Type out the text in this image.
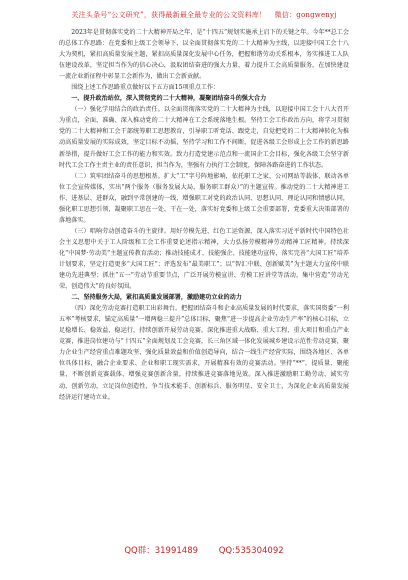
关注头条号“公文研究”，获得最新最全最专业的公文资料库！ 微信：gongwenyj

2023年是贯彻落实党的二十大精神开局之年，是“十四五”规划实施承上启下的关键之年。今年**总工会的总体工作思路：在党委和上级工会领导下，以全面贯彻落实党的二十大精神为主线，以迎接中国工会十八大为契机，紧扣高质量发展主题，紧扣高质量深化发展中心任务，把握和谐劳动关系根本，务实推进工人队伍建设改革，坚定担当作为的信心决心，汲取团结奋进的强大力量，着力提升工会高质量服务，在加快建设一流企业新征程中彰显工会新作为，做出工会新贡献。

围绕上述工作思路重点做好以下五方面15项重点工作：

一、提升政治站位，深入贯彻党的二十大精神，凝聚团结奋斗的强大合力

（一）强化学用结合的政治责任。以全面贯彻落实党的二十大精神为主线，以迎接中国工会十八大召开为重点，全面、准确、深入推动党的二十大精神在工会系统落地生根。坚持工会工作政治方向，将学习贯彻党的二十大精神和工会干部统筹职工思想教育，引导职工听党话、跟党走，自觉把党的二十大精神转化为推动高质量发展的实际成效，坚定目标不动摇，坚持学习和工作不间断，促进各级工会形成上会工作的新思路新举措，提升做好工会工作的能力和实效。致力打造党建示范点和一流国企工会目标，强化各级工会坚守新时代工会工作主责主业的责任意识，担当作为，坚强有力执行工会制度，保障各路奋进的工作状态。

（二）筑牢团结奋斗的思想根基。扩大“工”字号阵地影响，依托职工之家、公司网站等载体，联动各单位工会宣传媒体，实出“两个服务（服务发展大局、服务职工群众）”的主题宣传。推动党的二十大精神进工作、进基层、进群众，融到平常创建的一线，增强职工对党的政治认同、思想认同、理论认同和情感认同，强化职工思想引领，凝聚职工思在一处、干在一处，落实好党委和上级工会重要部署，党委重大决策部署的落地落实。

（三）唱响劳动创造奋斗的主旋律。用好劳模先进、红色工运资源，深入落实习近平新时代中国特色社会主义思想中关于工人阶级和工会工作重要论述指示精神，大力弘扬劳模精神劳动精神工匠精神，持续深化“中国梦·劳动美”主题宣传教育活动；推动技能成才、技能强企、技能建功宣传，落实完善“大国工匠”培养计划要求，坚定打造更多“大国工匠”；评选发布“最美职工”；以“智汇中联、创新赋美”为主题大力宣传中联建功先进典型；抓住“五一”劳动节重要节点，广泛开展劳模宣讲、劳模工匠讲堂等活动，集中营造“劳动光荣、创造伟大”的良好氛围。

二、坚持服务大局，紧扣高质量发展部署，激励建功立业的动力

（四）深化劳动竞赛打造职工出彩舞台。把握团结奋斗和企业高质量发展的时代要求，落实国资委“一利五率”考核要求，锚定高质量“一增两稳三提升”总体目标，聚焦“进一步提高企业劳动生产率”的核心目标，立足稳增长、稳效益、稳运行，持续创新开展劳动竞赛，深化推进重大战略、重大工程、重大项目和重点产业竞赛，推进岗位建功与“十四五”全面规划及工会竞赛，长三角区域一体化发展城乡建设示范性劳动竞赛，聚力企业生产经营重点难题攻坚，强化质量效益和价值创造导向，结合一线生产经营实际，围绕各地区、各单位具体目标，融合企业要求、企业和职工现实需求，开展精准有效的竞赛活动。坚持“**”，提质量、聚能量，不断创新竞赛载体、增强竞赛创新含量，持续推进竞赛落地见效。深入推进激励职工勤劳动、诚实劳动、创新劳动，立足岗位创造性、争当技术能手、创新标兵、服务明星、安全卫士，为深化企业高质量发展经济运行建功立业。

QQ群：31991489 QQ:535304092
